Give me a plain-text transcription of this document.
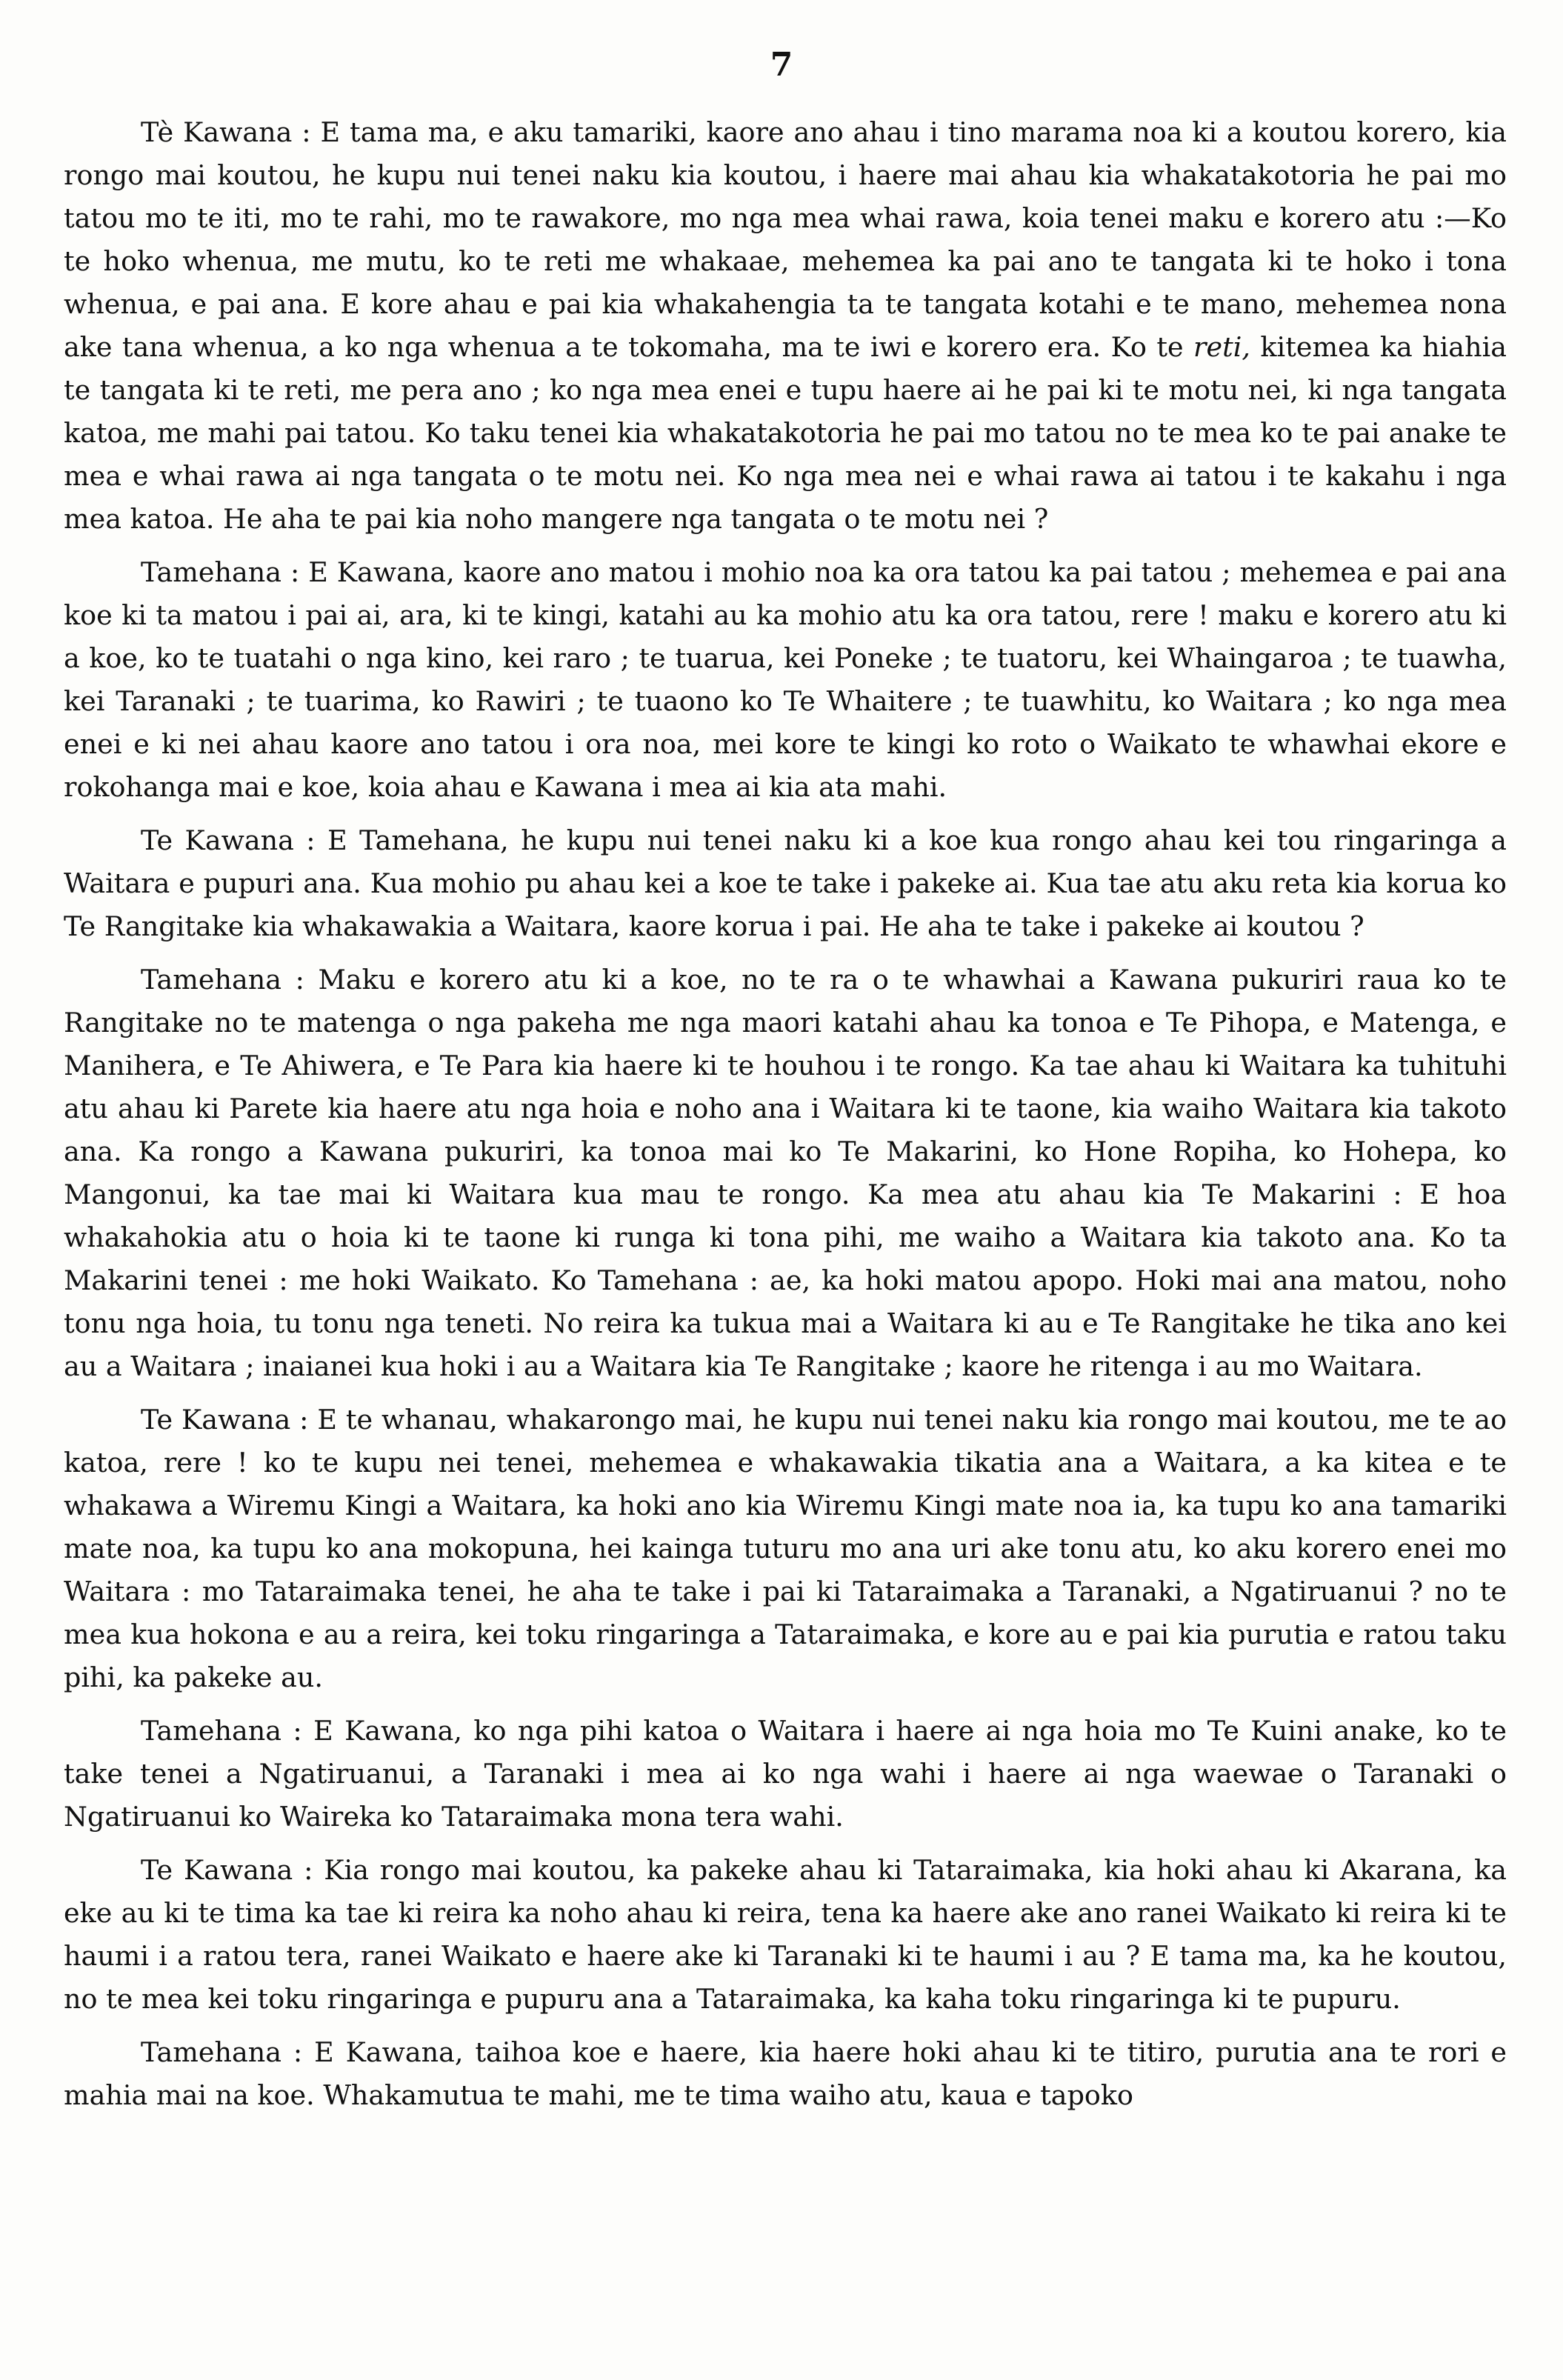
7

Tè Kawana : E tama ma, e aku tamariki, kaore ano ahau i tino marama noa ki a koutou korero, kia rongo mai koutou, he kupu nui tenei naku kia koutou, i haere mai ahau kia whakatakotoria he pai mo tatou mo te iti, mo te rahi, mo te rawakore, mo nga mea whai rawa, koia tenei maku e korero atu :—Ko te hoko whenua, me mutu, ko te reti me whakaae, mehemea ka pai ano te tangata ki te hoko i tona whenua, e pai ana. E kore ahau e pai kia whakahengia ta te tangata kotahi e te mano, mehemea nona ake tana whenua, a ko nga whenua a te tokomaha, ma te iwi e korero era. Ko te reti, kitemea ka hiahia te tangata ki te reti, me pera ano ; ko nga mea enei e tupu haere ai he pai ki te motu nei, ki nga tangata katoa, me mahi pai tatou. Ko taku tenei kia whakatakotoria he pai mo tatou no te mea ko te pai anake te mea e whai rawa ai nga tangata o te motu nei. Ko nga mea nei e whai rawa ai tatou i te kakahu i nga mea katoa. He aha te pai kia noho mangere nga tangata o te motu nei ?

Tamehana : E Kawana, kaore ano matou i mohio noa ka ora tatou ka pai tatou ; mehemea e pai ana koe ki ta matou i pai ai, ara, ki te kingi, katahi au ka mohio atu ka ora tatou, rere ! maku e korero atu ki a koe, ko te tuatahi o nga kino, kei raro ; te tuarua, kei Poneke ; te tuatoru, kei Whaingaroa ; te tuawha, kei Taranaki ; te tuarima, ko Rawiri ; te tuaono ko Te Whaitere ; te tuawhitu, ko Waitara ; ko nga mea enei e ki nei ahau kaore ano tatou i ora noa, mei kore te kingi ko roto o Waikato te whawhai ekore e rokohanga mai e koe, koia ahau e Kawana i mea ai kia ata mahi.

Te Kawana : E Tamehana, he kupu nui tenei naku ki a koe kua rongo ahau kei tou ringaringa a Waitara e pupuri ana. Kua mohio pu ahau kei a koe te take i pakeke ai. Kua tae atu aku reta kia korua ko Te Rangitake kia whakawakia a Waitara, kaore korua i pai. He aha te take i pakeke ai koutou ?

Tamehana : Maku e korero atu ki a koe, no te ra o te whawhai a Kawana pukuriri raua ko te Rangitake no te matenga o nga pakeha me nga maori katahi ahau ka tonoa e Te Pihopa, e Matenga, e Manihera, e Te Ahiwera, e Te Para kia haere ki te houhou i te rongo. Ka tae ahau ki Waitara ka tuhituhi atu ahau ki Parete kia haere atu nga hoia e noho ana i Waitara ki te taone, kia waiho Waitara kia takoto ana. Ka rongo a Kawana pukuriri, ka tonoa mai ko Te Makarini, ko Hone Ropiha, ko Hohepa, ko Mangonui, ka tae mai ki Waitara kua mau te rongo. Ka mea atu ahau kia Te Makarini : E hoa whakahokia atu o hoia ki te taone ki runga ki tona pihi, me waiho a Waitara kia takoto ana. Ko ta Makarini tenei : me hoki Waikato. Ko Tamehana : ae, ka hoki matou apopo. Hoki mai ana matou, noho tonu nga hoia, tu tonu nga teneti. No reira ka tukua mai a Waitara ki au e Te Rangitake he tika ano kei au a Waitara ; inaianei kua hoki i au a Waitara kia Te Rangitake ; kaore he ritenga i au mo Waitara.

Te Kawana : E te whanau, whakarongo mai, he kupu nui tenei naku kia rongo mai koutou, me te ao katoa, rere ! ko te kupu nei tenei, mehemea e whakawakia tikatia ana a Waitara, a ka kitea e te whakawa a Wiremu Kingi a Waitara, ka hoki ano kia Wiremu Kingi mate noa ia, ka tupu ko ana tamariki mate noa, ka tupu ko ana mokopuna, hei kainga tuturu mo ana uri ake tonu atu, ko aku korero enei mo Waitara : mo Tataraimaka tenei, he aha te take i pai ki Tataraimaka a Taranaki, a Ngatiruanui ? no te mea kua hokona e au a reira, kei toku ringaringa a Tataraimaka, e kore au e pai kia purutia e ratou taku pihi, ka pakeke au.

Tamehana : E Kawana, ko nga pihi katoa o Waitara i haere ai nga hoia mo Te Kuini anake, ko te take tenei a Ngatiruanui, a Taranaki i mea ai ko nga wahi i haere ai nga waewae o Taranaki o Ngatiruanui ko Waireka ko Tataraimaka mona tera wahi.

Te Kawana : Kia rongo mai koutou, ka pakeke ahau ki Tataraimaka, kia hoki ahau ki Akarana, ka eke au ki te tima ka tae ki reira ka noho ahau ki reira, tena ka haere ake ano ranei Waikato ki reira ki te haumi i a ratou tera, ranei Waikato e haere ake ki Taranaki ki te haumi i au ? E tama ma, ka he koutou, no te mea kei toku ringaringa e pupuru ana a Tataraimaka, ka kaha toku ringaringa ki te pupuru.

Tamehana : E Kawana, taihoa koe e haere, kia haere hoki ahau ki te titiro, purutia ana te rori e mahia mai na koe. Whakamutua te mahi, me te tima waiho atu, kaua e tapoko
